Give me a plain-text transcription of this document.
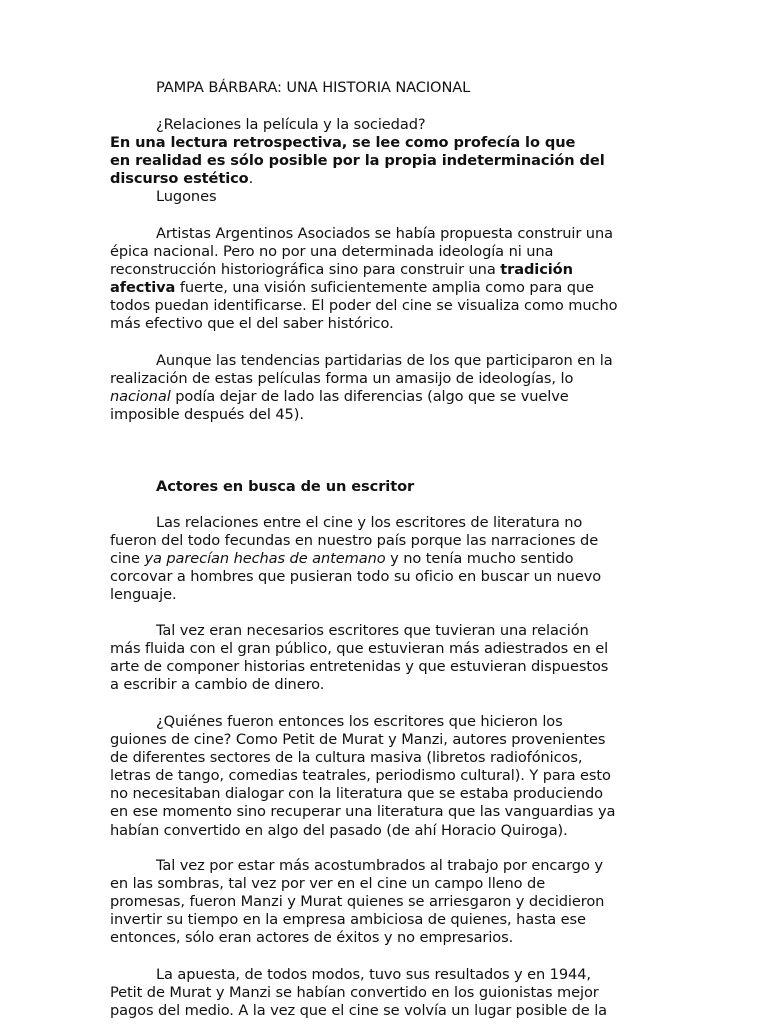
PAMPA BÁRBARA: UNA HISTORIA NACIONAL
¿Relaciones la película y la sociedad?
En una lectura retrospectiva, se lee como profecía lo que
en realidad es sólo posible por la propia indeterminación del
discurso estético.
Lugones
Artistas Argentinos Asociados se había propuesta construir una
épica nacional. Pero no por una determinada ideología ni una
reconstrucción historiográfica sino para construir una tradición
afectiva fuerte, una visión suficientemente amplia como para que
todos puedan identificarse. El poder del cine se visualiza como mucho
más efectivo que el del saber histórico.
Aunque las tendencias partidarias de los que participaron en la
realización de estas películas forma un amasijo de ideologías, lo
nacional podía dejar de lado las diferencias (algo que se vuelve
imposible después del 45).
Actores en busca de un escritor
Las relaciones entre el cine y los escritores de literatura no
fueron del todo fecundas en nuestro país porque las narraciones de
cine ya parecían hechas de antemano y no tenía mucho sentido
corcovar a hombres que pusieran todo su oficio en buscar un nuevo
lenguaje.
Tal vez eran necesarios escritores que tuvieran una relación
más fluida con el gran público, que estuvieran más adiestrados en el
arte de componer historias entretenidas y que estuvieran dispuestos
a escribir a cambio de dinero.
¿Quiénes fueron entonces los escritores que hicieron los
guiones de cine? Como Petit de Murat y Manzi, autores provenientes
de diferentes sectores de la cultura masiva (libretos radiofónicos,
letras de tango, comedias teatrales, periodismo cultural). Y para esto
no necesitaban dialogar con la literatura que se estaba produciendo
en ese momento sino recuperar una literatura que las vanguardias ya
habían convertido en algo del pasado (de ahí Horacio Quiroga).
Tal vez por estar más acostumbrados al trabajo por encargo y
en las sombras, tal vez por ver en el cine un campo lleno de
promesas, fueron Manzi y Murat quienes se arriesgaron y decidieron
invertir su tiempo en la empresa ambiciosa de quienes, hasta ese
entonces, sólo eran actores de éxitos y no empresarios.
La apuesta, de todos modos, tuvo sus resultados y en 1944,
Petit de Murat y Manzi se habían convertido en los guionistas mejor
pagos del medio. A la vez que el cine se volvía un lugar posible de la
